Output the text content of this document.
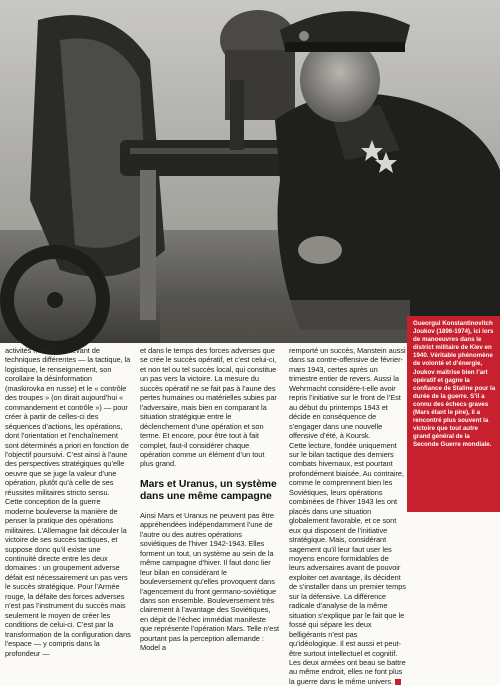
Gueorgui Konstantinovitch Joukov (1896-1974), ici lors de manoeuvres dans le district militaire de Kiev en 1940. Véritable phénomène de volonté et d’énergie, Joukov maîtrise bien l’art opératif et gagne la confiance de Staline pour la durée de la guerre. S’il a connu des échecs graves (Mars étant le pire), il a rencontré plus souvent la victoire que tout autre grand général de la Seconde Guerre mondiale.

activités militaires relevant de techniques différentes — la tactique, la logistique, le renseignement, son corollaire la désinformation (maskirovka en russe) et le « contrôle des troupes » (on dirait aujourd’hui « commandement et contrôle ») — pour créer à partir de celles-ci des séquences d’actions, les opérations, dont l’orientation et l’enchaînement sont déterminés a priori en fonction de l’objectif poursuivi. C’est ainsi à l’aune des perspectives stratégiques qu’elle oeuvre que se juge la valeur d’une opération, plutôt qu’à celle de ses réussites militaires stricto sensu.

Cette conception de la guerre moderne bouleverse la manière de penser la pratique des opérations militaires. L’Allemagne fait découler la victoire de ses succès tactiques, et suppose donc qu’il existe une continuité directe entre les deux domaines : un groupement adverse défait est nécessairement un pas vers le succès stratégique. Pour l’Armée rouge, la défaite des forces adverses n’est pas l’instrument du succès mais seulement le moyen de créer les conditions de celui-ci. C’est par la transformation de la configuration dans l’espace — y compris dans la profondeur —

et dans le temps des forces adverses que se crée le succès opératif, et c’est celui-ci, et non tel ou tel succès local, qui constitue un pas vers la victoire. La mesure du succès opératif ne se fait pas à l’aune des pertes humaines ou matérielles subies par l’adversaire, mais bien en comparant la situation stratégique entre le déclenchement d’une opération et son terme. Et encore, pour être tout à fait complet, faut-il considérer chaque opération comme un élément d’un tout plus grand.

Mars et Uranus, un système dans une même campagne

Ainsi Mars et Uranus ne peuvent pas être appréhendées indépendamment l’une de l’autre ou des autres opérations soviétiques de l’hiver 1942-1943. Elles forment un tout, un système au sein de la même campagne d’hiver. Il faut donc lier leur bilan en considérant le bouleversement qu’elles provoquent dans l’agencement du front germano-soviétique dans son ensemble. Bouleversement très clairement à l’avantage des Soviétiques, en dépit de l’échec immédiat manifeste que représente l’opération Mars. Telle n’est pourtant pas la perception allemande : Model a

remporté un succès, Manstein aussi dans sa contre-offensive de février-mars 1943, certes après un trimestre entier de revers. Aussi la Wehrmacht considère-t-elle avoir repris l’initiative sur le front de l’Est au début du printemps 1943 et décide en conséquence de s’engager dans une nouvelle offensive d’été, à Koursk.

Cette lecture, fondée uniquement sur le bilan tactique des derniers combats hivernaux, est pourtant profondément biaisée. Au contraire, comme le comprennent bien les Soviétiques, leurs opérations combinées de l’hiver 1943 les ont placés dans une situation globalement favorable, et ce sont eux qui disposent de l’initiative stratégique. Mais, considérant sagement qu’il leur faut user les moyens encore formidables de leurs adversaires avant de pouvoir exploiter cet avantage, ils décident de s’installer dans un premier temps sur la défensive. La différence radicale d’analyse de la même situation s’explique par le fait que le fossé qui sépare les deux belligérants n’est pas qu’idéologique. Il est aussi et peut-être surtout intellectuel et cognitif. Les deux armées ont beau se battre au même endroit, elles ne font plus la guerre dans le même univers.
